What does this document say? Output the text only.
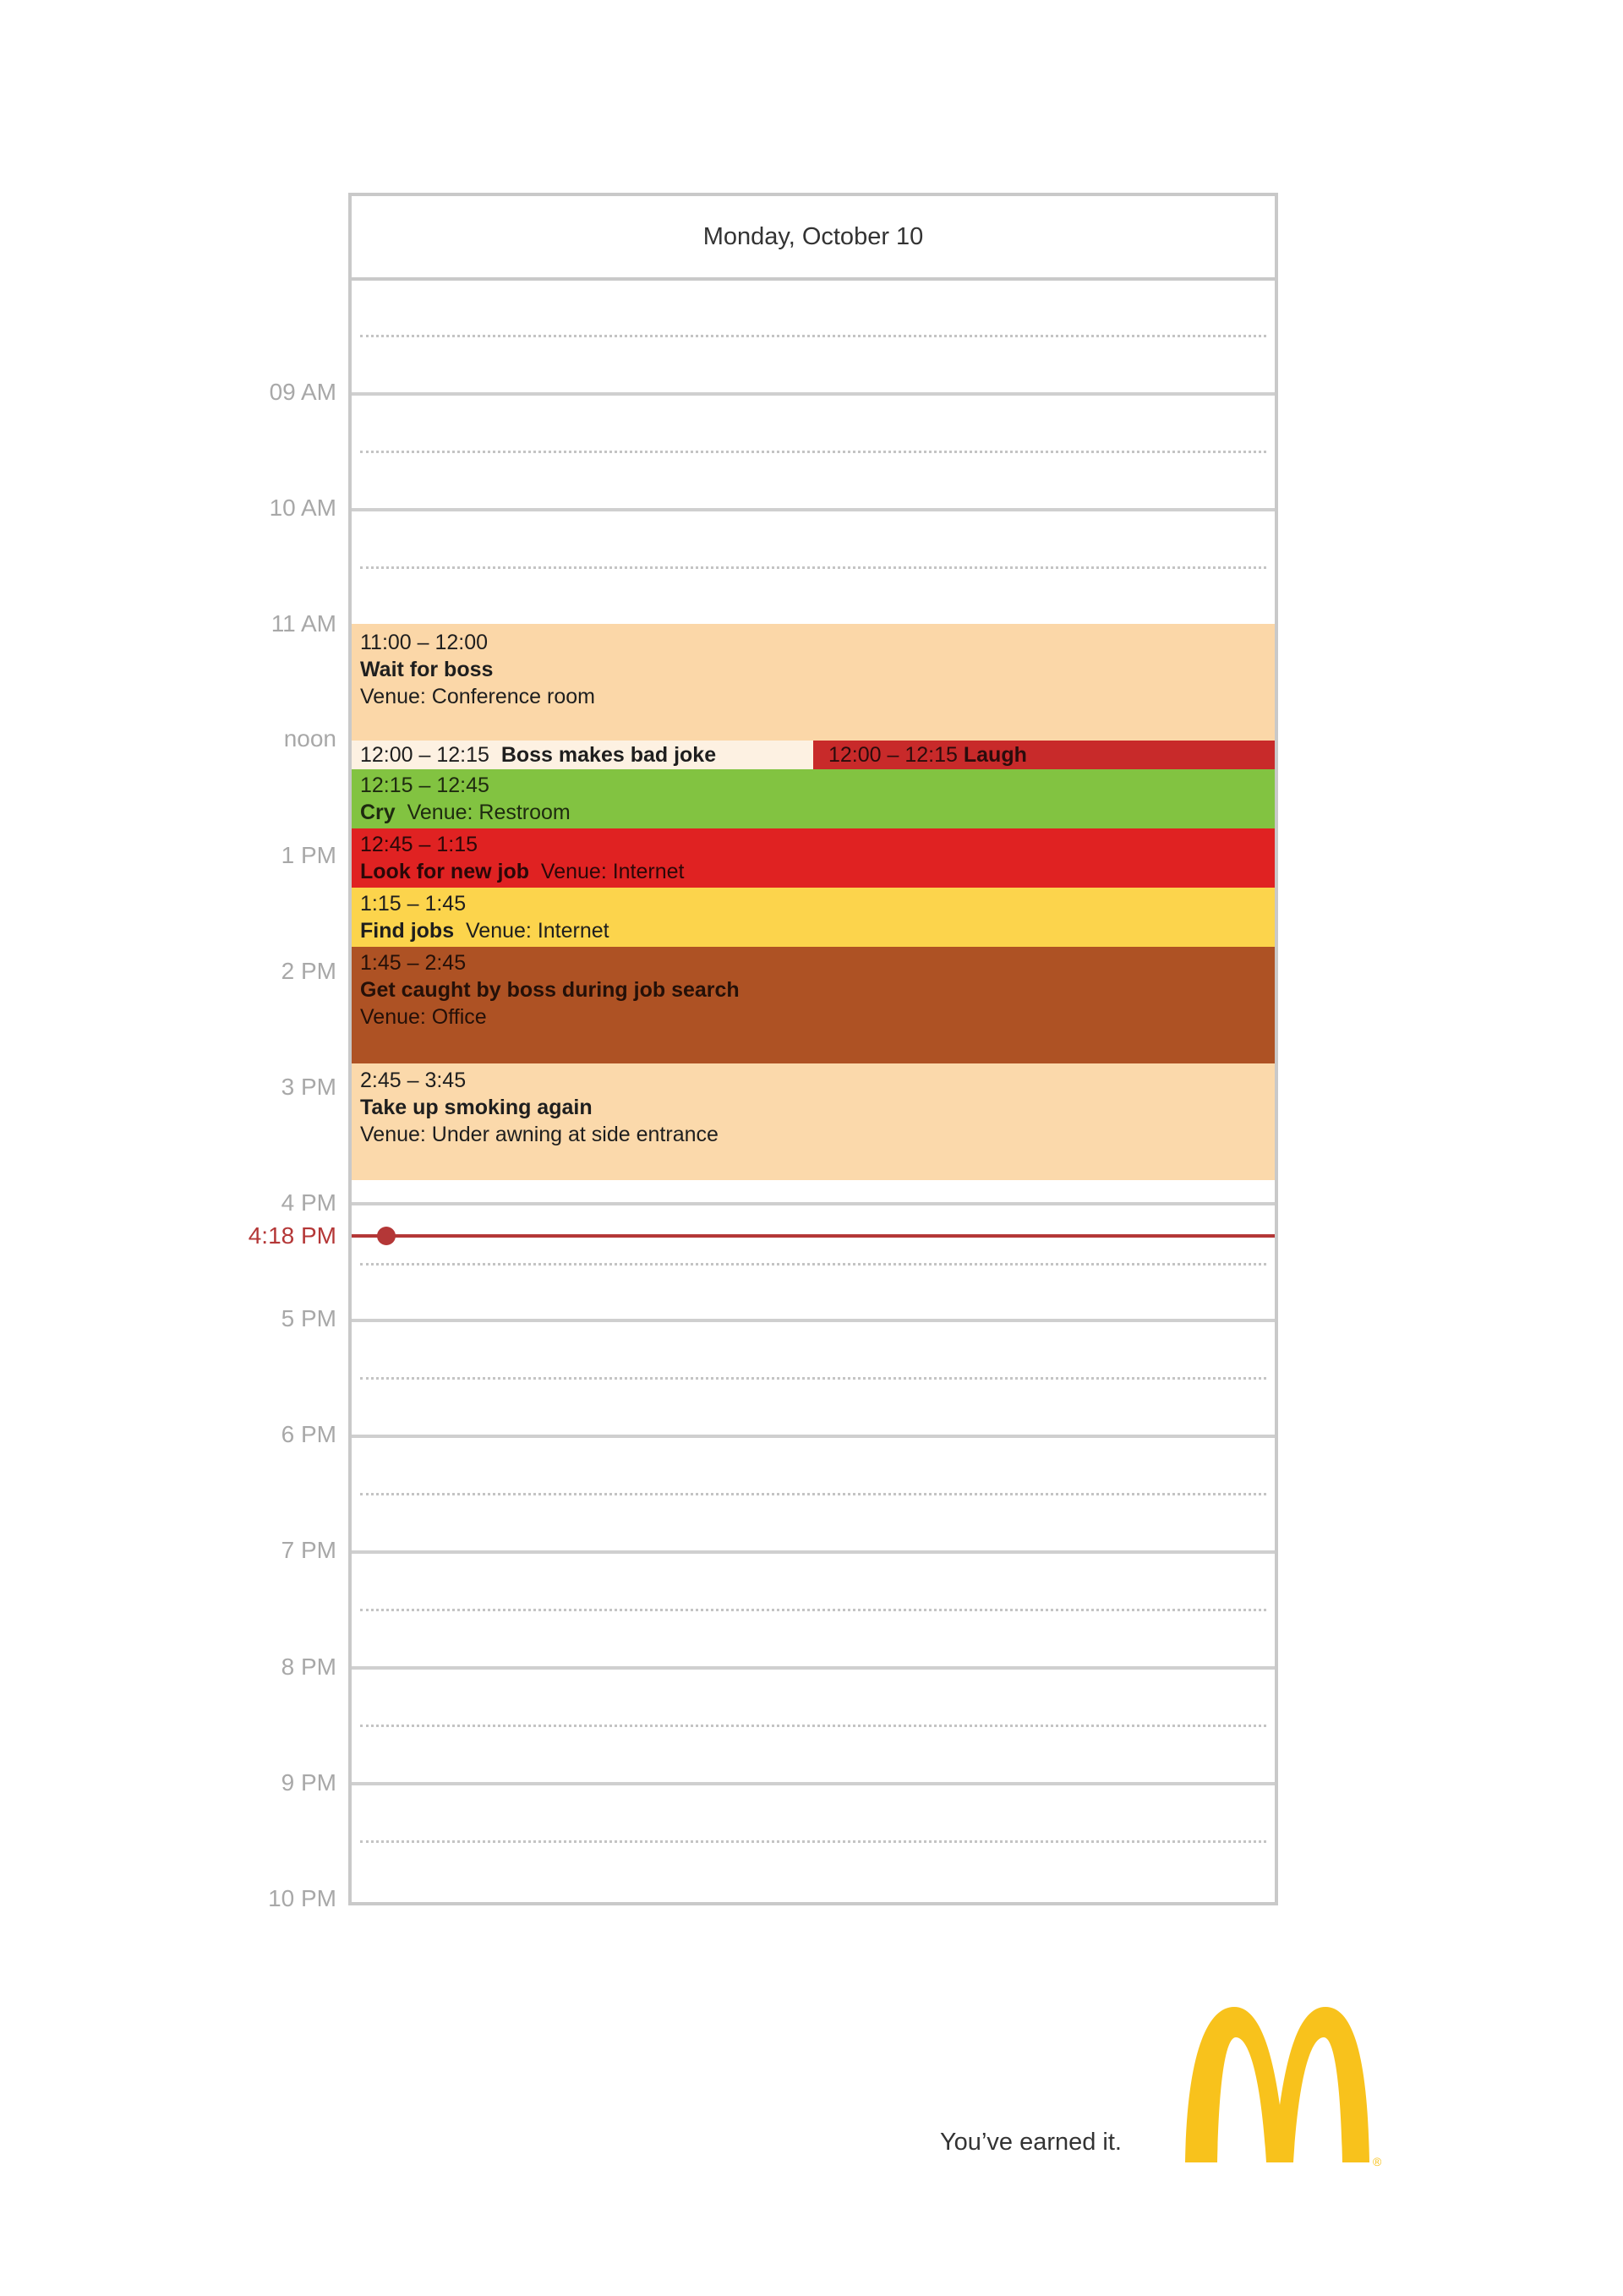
Monday, October 10
11:00 – 12:00
Wait for boss
Venue: Conference room
12:00 – 12:15 Boss makes bad joke	12:00 – 12:15 Laugh
12:15 – 12:45
Cry Venue: Restroom
12:45 – 1:15
Look for new job Venue: Internet
1:15 – 1:45
Find jobs Venue: Internet
1:45 – 2:45
Get caught by boss during job search
Venue: Office
2:45 – 3:45
Take up smoking again
Venue: Under awning at side entrance
09 AM
10 AM
11 AM
noon
1 PM
2 PM
3 PM
4 PM
5 PM
6 PM
7 PM
8 PM
9 PM
10 PM
4:18 PM
You’ve earned it.
®
